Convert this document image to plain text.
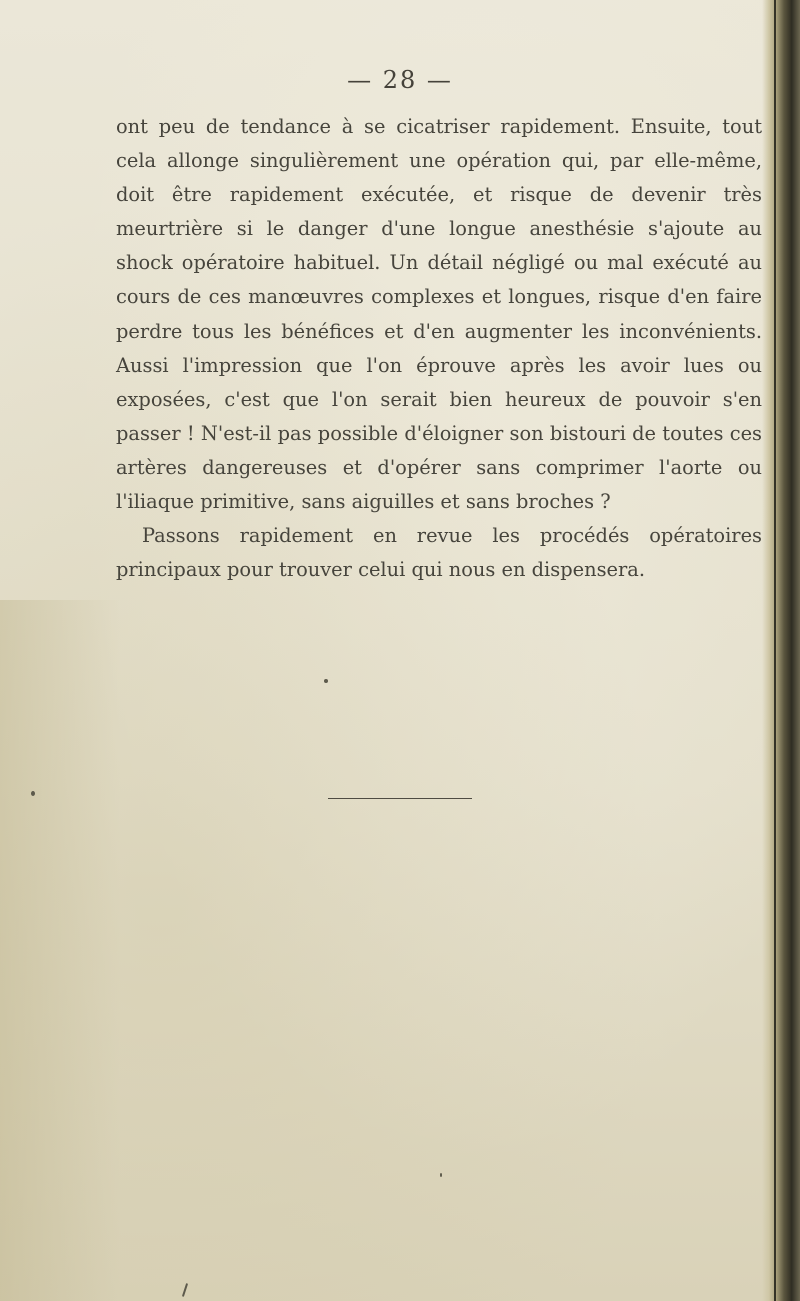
— 28 —

ont peu de tendance à se cicatriser rapidement. Ensuite, tout cela allonge singulièrement une opération qui, par elle-même, doit être rapidement exécutée, et risque de devenir très meurtrière si le danger d'une longue anesthésie s'ajoute au shock opératoire habituel. Un détail négligé ou mal exécuté au cours de ces manœuvres complexes et longues, risque d'en faire perdre tous les bénéfices et d'en augmenter les inconvénients. Aussi l'impression que l'on éprouve après les avoir lues ou exposées, c'est que l'on serait bien heureux de pouvoir s'en passer ! N'est-il pas possible d'éloigner son bistouri de toutes ces artères dangereuses et d'opérer sans comprimer l'aorte ou l'iliaque primitive, sans aiguilles et sans broches ?

Passons rapidement en revue les procédés opératoires principaux pour trouver celui qui nous en dispensera.
